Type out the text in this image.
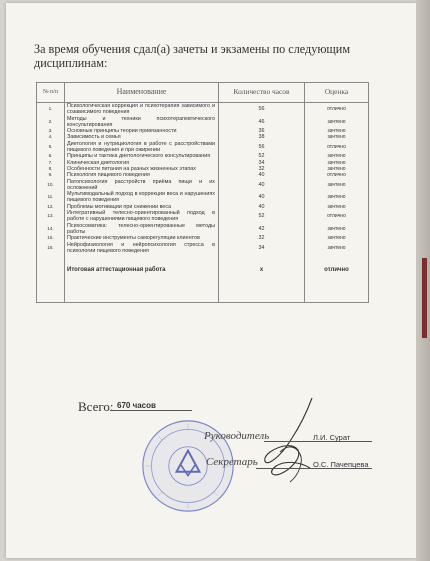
За время обучения сдал(а) зачеты и экзамены по следующим дисциплинам:
№ п/п	Наименование	Количество часов	Оценка
1.	Психологическая коррекция и психотерапия зависимого и созависимого поведения	56	отлично
2.	Методы и техники психотерапевтического консультирования	46	зачтено
3.	Основные принципы теории привязанности	36	зачтено
4.	Зависимость и семья	38	зачтено
5.	Диетология и нутрициология в работе с расстройствами пищевого поведения и при ожирении	56	отлично
6.	Принципы и тактика диетологического консультирования	52	зачтено
7.	Клиническая диетология	34	зачтено
8.	Особенности питания на разных жизненных этапах	32	зачтено
9.	Психология пищевого поведения	40	отлично
10.	Патопсихология расстройств приёма пищи и их осложнений	40	зачтено
11.	Мультимодальный подход в коррекции веса и нарушениях пищевого поведения	40	зачтено
12.	Проблемы мотивации при снижении веса	40	зачтено
13.	Интегративный телесно-ориентированный подход в работе с нарушениями пищевого поведения	52	отлично
14.	Психосоматика: телесно-ориентированные методы работы	42	зачтено
15.	Практические инструменты саморегуляции клиентов	32	зачтено
16.	Нейрофизиология и нейропсихология стресса в психологии пищевого поведения	34	зачтено
	Итоговая аттестационная работа	х	отлично

Всего: 670 часов
Руководитель	Л.И. Сурат
Секретарь	О.С. Пачепцева
